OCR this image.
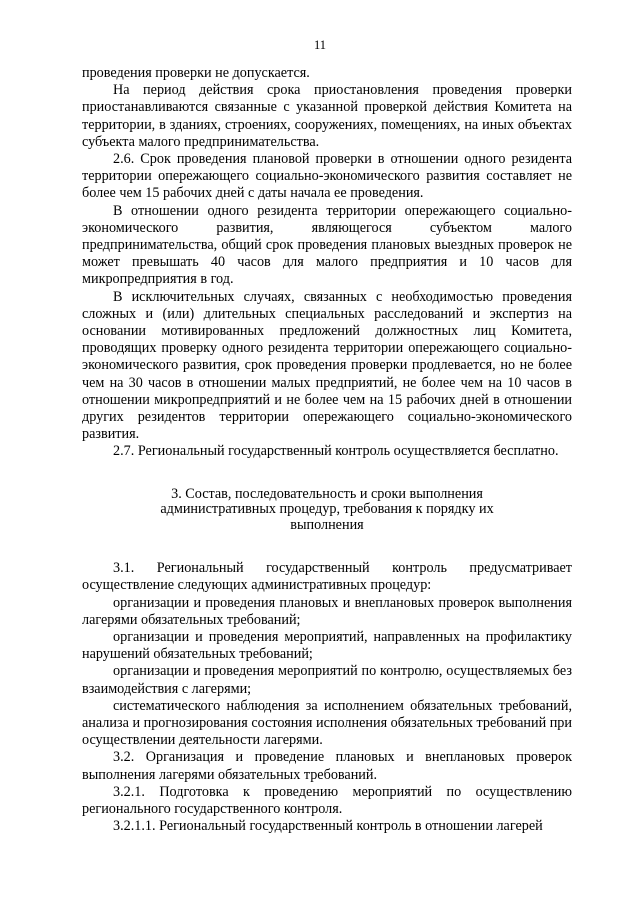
11

проведения проверки не допускается.

На период действия срока приостановления проведения проверки приостанавливаются связанные с указанной проверкой действия Комитета на территории, в зданиях, строениях, сооружениях, помещениях, на иных объектах субъекта малого предпринимательства.

2.6. Срок проведения плановой проверки в отношении одного резидента территории опережающего социально-экономического развития составляет не более чем 15 рабочих дней с даты начала ее проведения.

В отношении одного резидента территории опережающего социально-экономического развития, являющегося субъектом малого предпринимательства, общий срок проведения плановых выездных проверок не может превышать 40 часов для малого предприятия и 10 часов для микропредприятия в год.

В исключительных случаях, связанных с необходимостью проведения сложных и (или) длительных специальных расследований и экспертиз на основании мотивированных предложений должностных лиц Комитета, проводящих проверку одного резидента территории опережающего социально-экономического развития, срок проведения проверки продлевается, но не более чем на 30 часов в отношении малых предприятий, не более чем на 10 часов в отношении микропредприятий и не более чем на 15 рабочих дней в отношении других резидентов территории опережающего социально-экономического развития.

2.7. Региональный государственный контроль осуществляется бесплатно.

3. Состав, последовательность и сроки выполнения административных процедур, требования к порядку их выполнения

3.1. Региональный государственный контроль предусматривает осуществление следующих административных процедур:

организации и проведения плановых и внеплановых проверок выполнения лагерями обязательных требований;

организации и проведения мероприятий, направленных на профилактику нарушений обязательных требований;

организации и проведения мероприятий по контролю, осуществляемых без взаимодействия с лагерями;

систематического наблюдения за исполнением обязательных требований, анализа и прогнозирования состояния исполнения обязательных требований при осуществлении деятельности лагерями.

3.2. Организация и проведение плановых и внеплановых проверок выполнения лагерями обязательных требований.

3.2.1. Подготовка к проведению мероприятий по осуществлению регионального государственного контроля.

3.2.1.1. Региональный государственный контроль в отношении лагерей
